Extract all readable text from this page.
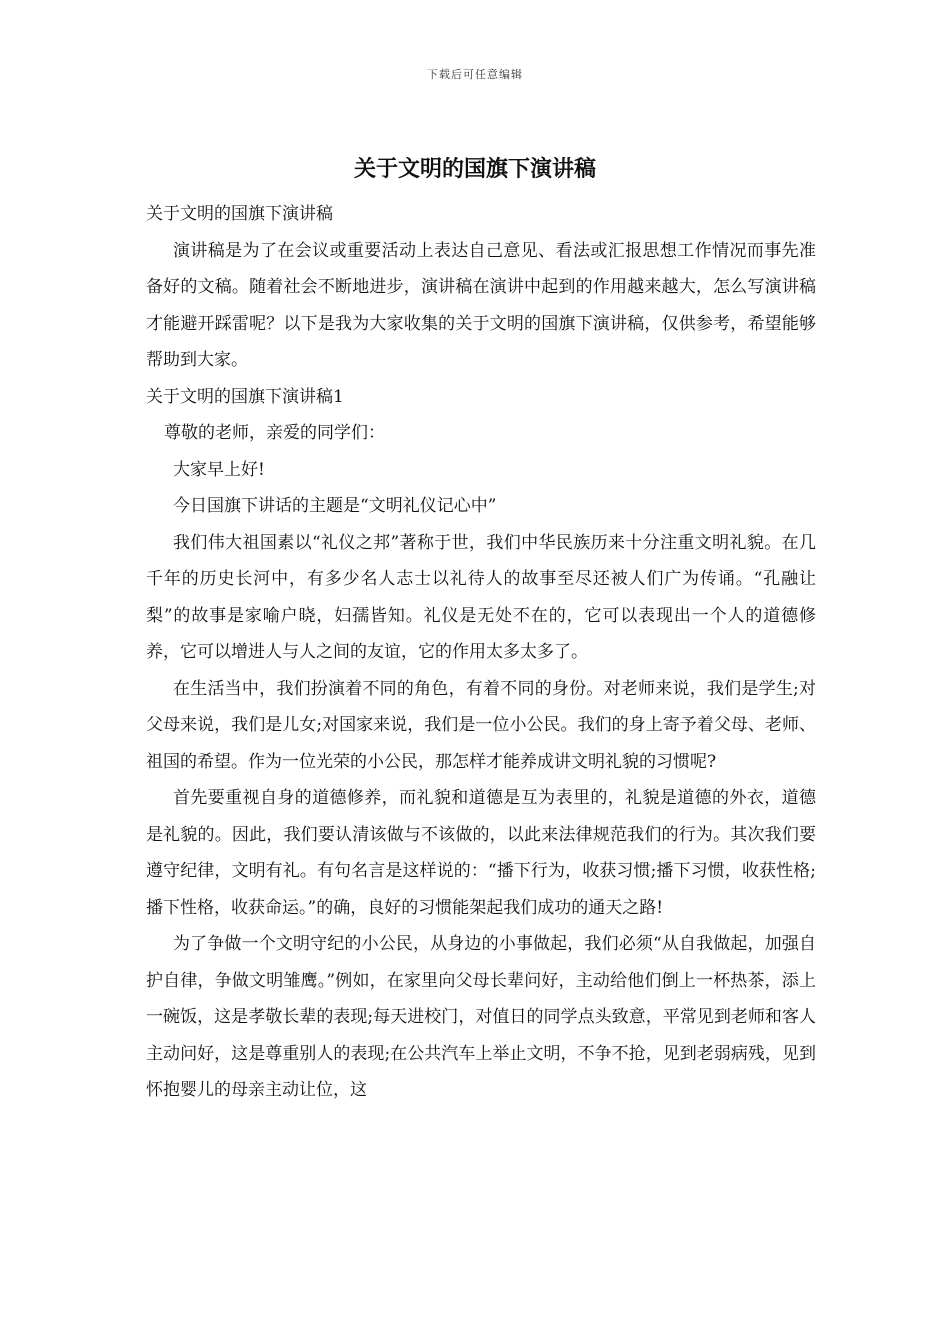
下载后可任意编辑
关于文明的国旗下演讲稿

关于文明的国旗下演讲稿

演讲稿是为了在会议或重要活动上表达自己意见、看法或汇报思想工作情况而事先准备好的文稿。随着社会不断地进步，演讲稿在演讲中起到的作用越来越大，怎么写演讲稿才能避开踩雷呢？以下是我为大家收集的关于文明的国旗下演讲稿，仅供参考，希望能够帮助到大家。

关于文明的国旗下演讲稿1

尊敬的老师，亲爱的同学们：

大家早上好!

今日国旗下讲话的主题是“文明礼仪记心中”

我们伟大祖国素以“礼仪之邦”著称于世，我们中华民族历来十分注重文明礼貌。在几千年的历史长河中，有多少名人志士以礼待人的故事至尽还被人们广为传诵。“孔融让梨”的故事是家喻户晓，妇孺皆知。礼仪是无处不在的，它可以表现出一个人的道德修养，它可以增进人与人之间的友谊，它的作用太多太多了。

在生活当中，我们扮演着不同的角色，有着不同的身份。对老师来说，我们是学生;对父母来说，我们是儿女;对国家来说，我们是一位小公民。我们的身上寄予着父母、老师、祖国的希望。作为一位光荣的小公民，那怎样才能养成讲文明礼貌的习惯呢?

首先要重视自身的道德修养，而礼貌和道德是互为表里的，礼貌是道德的外衣，道德是礼貌的。因此，我们要认清该做与不该做的，以此来法律规范我们的行为。其次我们要遵守纪律，文明有礼。有句名言是这样说的：“播下行为，收获习惯;播下习惯，收获性格;播下性格，收获命运。”的确，良好的习惯能架起我们成功的通天之路!

为了争做一个文明守纪的小公民，从身边的小事做起，我们必须“从自我做起，加强自护自律，争做文明雏鹰。”例如，在家里向父母长辈问好，主动给他们倒上一杯热茶，添上一碗饭，这是孝敬长辈的表现;每天进校门，对值日的同学点头致意，平常见到老师和客人主动问好，这是尊重别人的表现;在公共汽车上举止文明，不争不抢，见到老弱病残，见到怀抱婴儿的母亲主动让位，这
